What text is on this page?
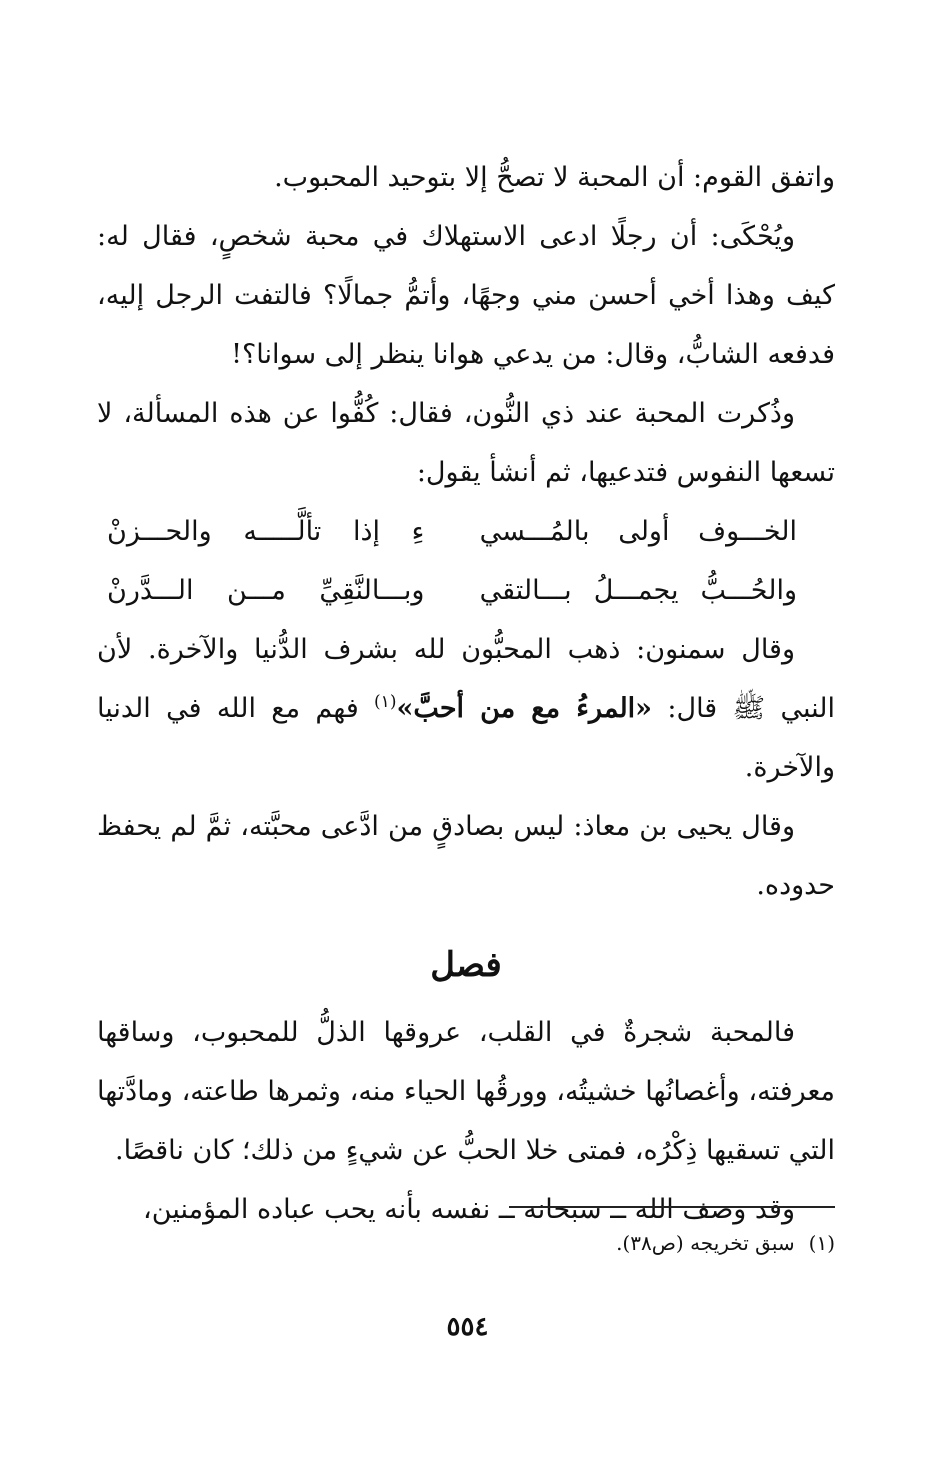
واتفق القوم: أن المحبة لا تصحُّ إلا بتوحيد المحبوب.

ويُحْكَى: أن رجلًا ادعى الاستهلاك في محبة شخصٍ، فقال له: كيف وهذا أخي أحسن مني وجهًا، وأتمُّ جمالًا؟ فالتفت الرجل إليه، فدفعه الشابُّ، وقال: من يدعي هوانا ينظر إلى سوانا؟!

وذُكرت المحبة عند ذي النُّون، فقال: كُفُّوا عن هذه المسألة، لا تسعها النفوس فتدعيها، ثم أنشأ يقول:

الخـــوف أولى بالمُـــسي
ءِ إذا تألَّـــــه والحـــزنْ
والحُـــبُّ يجمـــلُ بـــالتقي
وبـــالنَّقِيِّ مـــن الـــدَّرنْ

وقال سمنون: ذهب المحبُّون لله بشرف الدُّنيا والآخرة. لأن النبي ﷺ قال: «المرءُ مع من أحبَّ»$^{(١)}$ فهم مع الله في الدنيا والآخرة.

وقال يحيى بن معاذ: ليس بصادقٍ من ادَّعى محبَّته، ثمَّ لم يحفظ حدوده.

فصل

فالمحبة شجرةٌ في القلب، عروقها الذلُّ للمحبوب، وساقها معرفته، وأغصانُها خشيتُه، وورقُها الحياء منه، وثمرها طاعته، ومادَّتها التي تسقيها ذِكْرُه، فمتى خلا الحبُّ عن شيءٍ من ذلك؛ كان ناقصًا.

وقد وصف الله ــ سبحانه ــ نفسه بأنه يحب عباده المؤمنين،

(١)سبق تخريجه (ص٣٨).
٥٥٤
